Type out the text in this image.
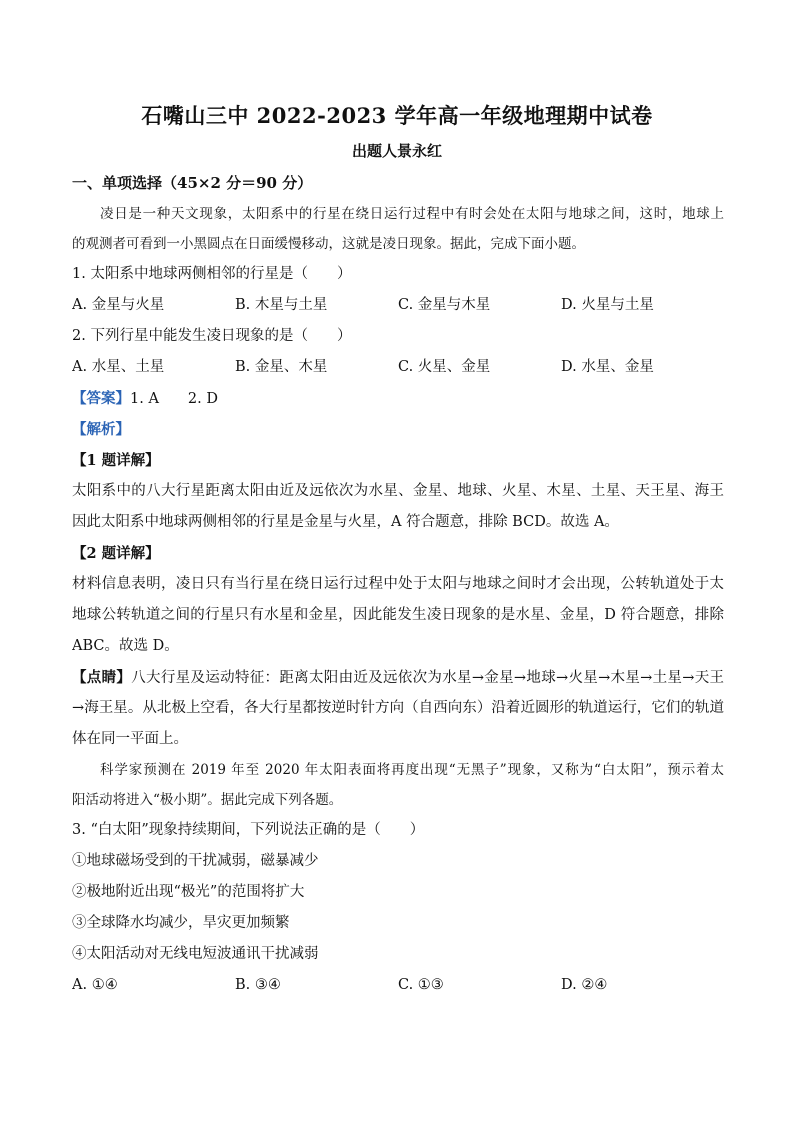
石嘴山三中 2022-2023 学年高一年级地理期中试卷
出题人景永红
一、单项选择（45×2 分＝90 分）
凌日是一种天文现象，太阳系中的行星在绕日运行过程中有时会处在太阳与地球之间，这时，地球上
的观测者可看到一小黑圆点在日面缓慢移动，这就是凌日现象。据此，完成下面小题。
1. 太阳系中地球两侧相邻的行星是（　　）
A. 金星与火星	B. 木星与土星	C. 金星与木星	D. 火星与土星
2. 下列行星中能发生凌日现象的是（　　）
A. 水星、土星	B. 金星、木星	C. 火星、金星	D. 水星、金星
【答案】1. A　　2. D
【解析】
【1 题详解】
太阳系中的八大行星距离太阳由近及远依次为水星、金星、地球、火星、木星、土星、天王星、海王
因此太阳系中地球两侧相邻的行星是金星与火星，A 符合题意，排除 BCD。故选 A。
【2 题详解】
材料信息表明，凌日只有当行星在绕日运行过程中处于太阳与地球之间时才会出现，公转轨道处于太
地球公转轨道之间的行星只有水星和金星，因此能发生凌日现象的是水星、金星，D 符合题意，排除
ABC。故选 D。
【点睛】八大行星及运动特征：距离太阳由近及远依次为水星→金星→地球→火星→木星→土星→天王
→海王星。从北极上空看，各大行星都按逆时针方向（自西向东）沿着近圆形的轨道运行，它们的轨道
体在同一平面上。
科学家预测在 2019 年至 2020 年太阳表面将再度出现“无黑子”现象，又称为“白太阳”，预示着太
阳活动将进入“极小期”。据此完成下列各题。
3. “白太阳”现象持续期间，下列说法正确的是（　　）
①地球磁场受到的干扰减弱，磁暴减少
②极地附近出现“极光”的范围将扩大
③全球降水均减少，旱灾更加频繁
④太阳活动对无线电短波通讯干扰减弱
A. ①④	B. ③④	C. ①③	D. ②④
